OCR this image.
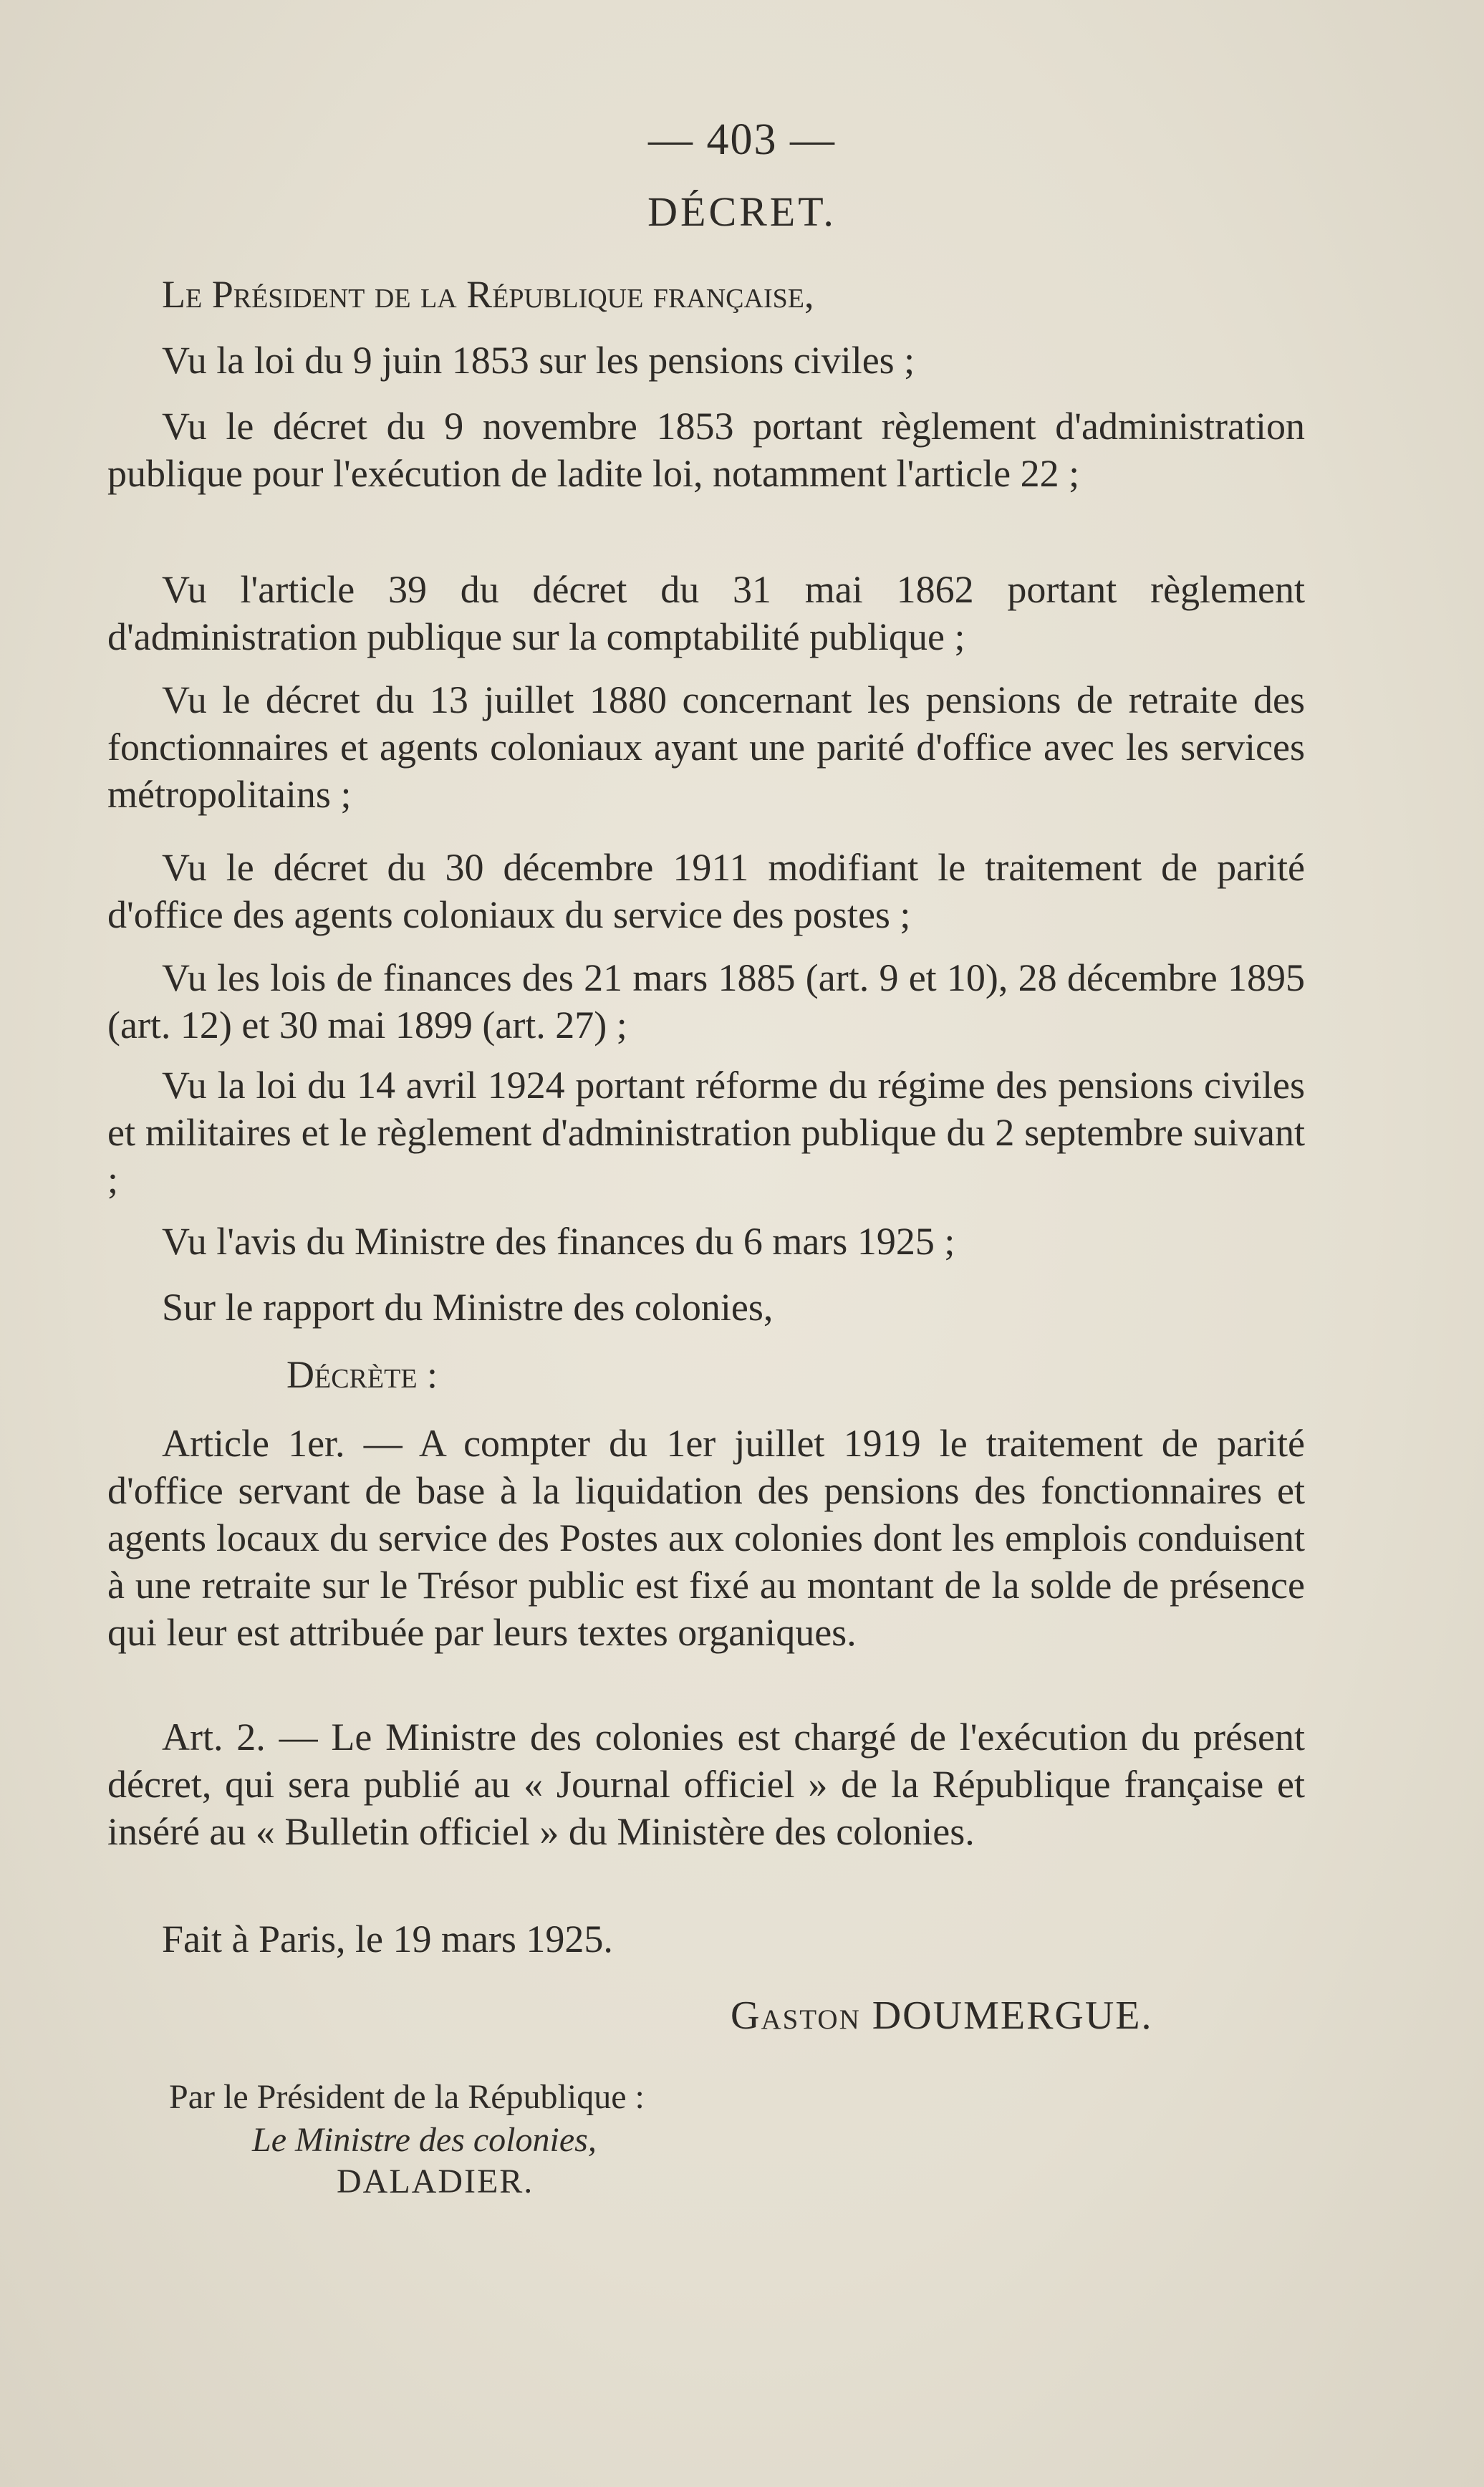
— 403 —
DÉCRET.
Le Président de la République française,
Vu la loi du 9 juin 1853 sur les pensions civiles ;
Vu le décret du 9 novembre 1853 portant règlement d'administration publique pour l'exécution de ladite loi, notamment l'article 22 ;
Vu l'article 39 du décret du 31 mai 1862 portant règlement d'administration publique sur la comptabilité publique ;
Vu le décret du 13 juillet 1880 concernant les pensions de retraite des fonctionnaires et agents coloniaux ayant une parité d'office avec les services métropolitains ;
Vu le décret du 30 décembre 1911 modifiant le traitement de parité d'office des agents coloniaux du service des postes ;
Vu les lois de finances des 21 mars 1885 (art. 9 et 10), 28 décembre 1895 (art. 12) et 30 mai 1899 (art. 27) ;
Vu la loi du 14 avril 1924 portant réforme du régime des pensions civiles et militaires et le règlement d'administration publique du 2 septembre suivant ;
Vu l'avis du Ministre des finances du 6 mars 1925 ;
Sur le rapport du Ministre des colonies,
Décrète :
Article 1er. — A compter du 1er juillet 1919 le traitement de parité d'office servant de base à la liquidation des pensions des fonctionnaires et agents locaux du service des Postes aux colonies dont les emplois conduisent à une retraite sur le Trésor public est fixé au montant de la solde de présence qui leur est attribuée par leurs textes organiques.
Art. 2. — Le Ministre des colonies est chargé de l'exécution du présent décret, qui sera publié au « Journal officiel » de la République française et inséré au « Bulletin officiel » du Ministère des colonies.
Fait à Paris, le 19 mars 1925.
Gaston DOUMERGUE.
Par le Président de la République :
Le Ministre des colonies,
DALADIER.
